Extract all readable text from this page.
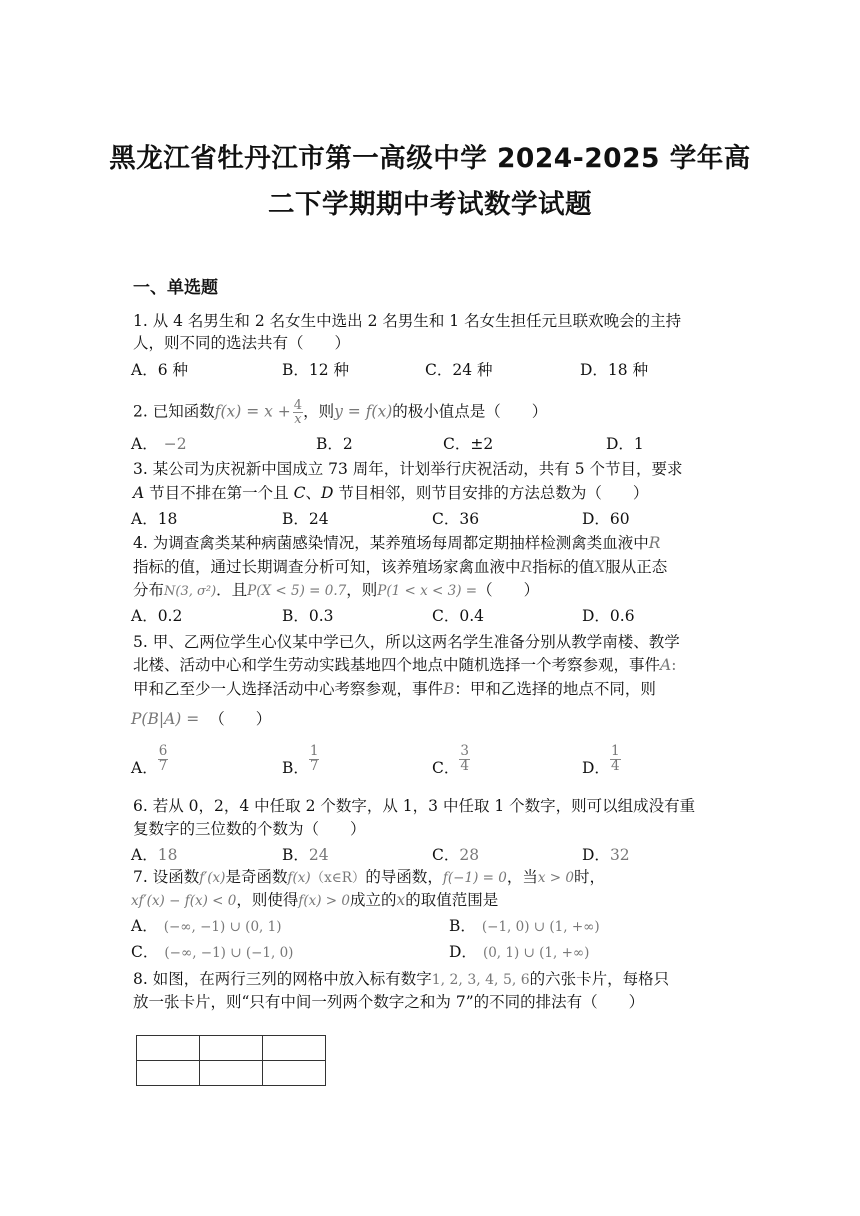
黑龙江省牡丹江市第一高级中学 2024-2025 学年高
二下学期期中考试数学试题
一、单选题
1. 从 4 名男生和 2 名女生中选出 2 名男生和 1 名女生担任元旦联欢晚会的主持
人，则不同的选法共有（　　）
A．6 种	B．12 种	C．24 种	D．18 种
2. 已知函数$f(x) = x + \frac{4}{x}$ ，则y = f(x)的极小值点是（　　）
A． −2	B．2	C．±2	D．1
3. 某公司为庆祝新中国成立 73 周年，计划举行庆祝活动，共有 5 个节目，要求
A 节目不排在第一个且 C、D 节目相邻，则节目安排的方法总数为（　　）
A．18	B．24	C．36	D．60
4. 为调查禽类某种病菌感染情况，某养殖场每周都定期抽样检测禽类血液中R
指标的值，通过长期调查分析可知，该养殖场家禽血液中R指标的值X服从正态
分布N(3, σ²)．且P(X < 5) = 0.7，则P(1 < x < 3) =（　　）
A．0.2	B．0.3	C．0.4	D．0.6
5. 甲、乙两位学生心仪某中学已久，所以这两名学生准备分别从教学南楼、教学
北楼、活动中心和学生劳动实践基地四个地点中随机选择一个考察参观，事件A:
甲和乙至少一人选择活动中心考察参观，事件B：甲和乙选择的地点不同，则
P(B|A) = （　　）
A． $\frac{6}{7}$	B． $\frac{1}{7}$	C． $\frac{3}{4}$	D． $\frac{1}{4}$
6. 若从 0，2，4 中任取 2 个数字，从 1，3 中任取 1 个数字，则可以组成没有重
复数字的三位数的个数为（　　）
A．18	B．24	C．28	D．32
7. 设函数f′(x)是奇函数f(x)（x∈R）的导函数，f(−1) = 0，当x > 0时，
xf′(x) − f(x) < 0，则使得f(x) > 0成立的x的取值范围是
A． (−∞, −1) ∪ (0, 1)	B． (−1, 0) ∪ (1, +∞)
C． (−∞, −1) ∪ (−1, 0)	D． (0, 1) ∪ (1, +∞)
8. 如图，在两行三列的网格中放入标有数字1, 2, 3, 4, 5, 6的六张卡片，每格只
放一张卡片，则“只有中间一列两个数字之和为 7”的不同的排法有（　　）
